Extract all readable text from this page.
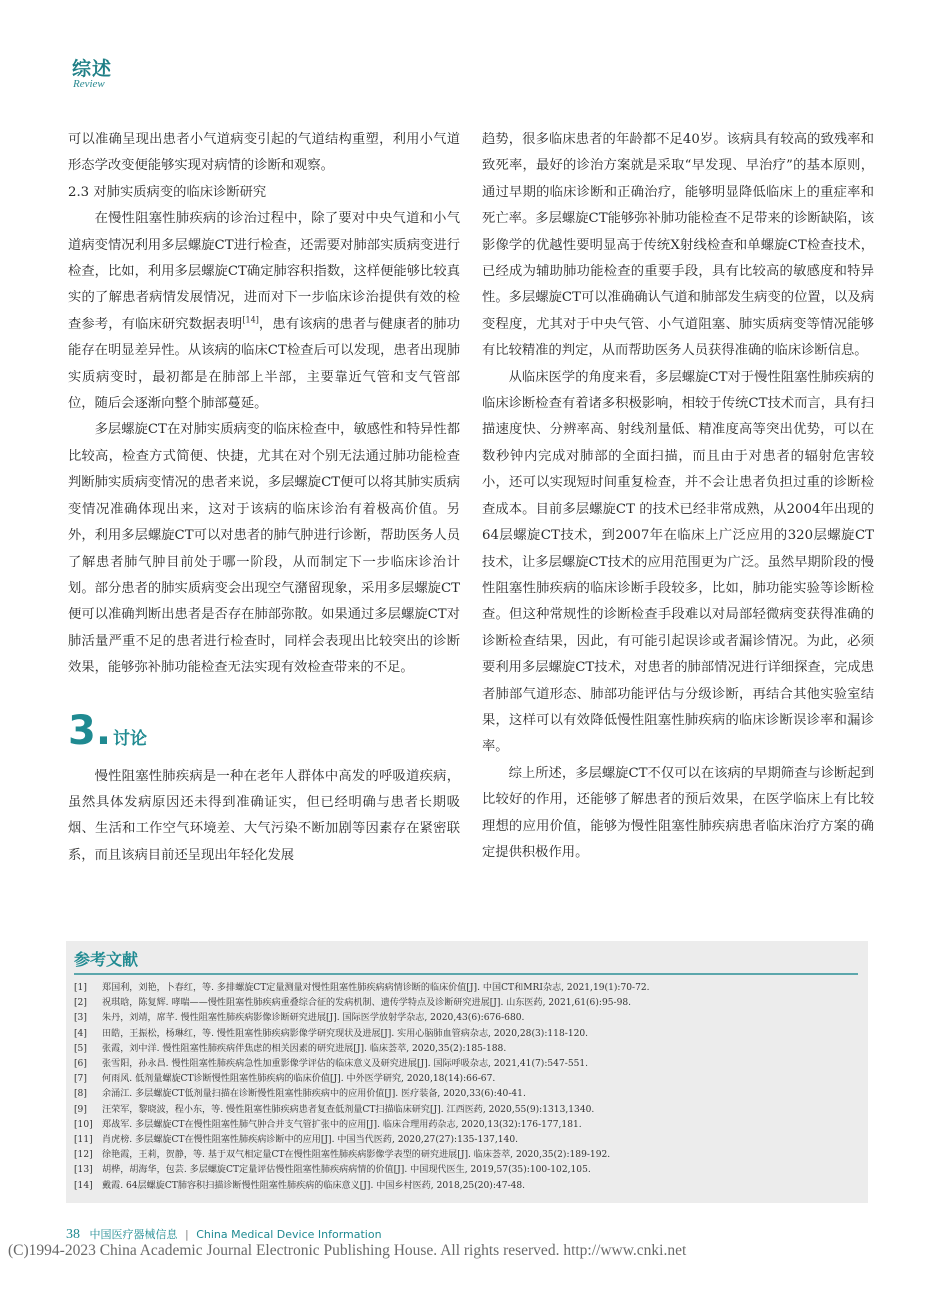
综述
Review

可以准确呈现出患者小气道病变引起的气道结构重塑，利用小气道形态学改变便能够实现对病情的诊断和观察。

2.3 对肺实质病变的临床诊断研究

在慢性阻塞性肺疾病的诊治过程中，除了要对中央气道和小气道病变情况利用多层螺旋CT进行检查，还需要对肺部实质病变进行检查，比如，利用多层螺旋CT确定肺容积指数，这样便能够比较真实的了解患者病情发展情况，进而对下一步临床诊治提供有效的检查参考，有临床研究数据表明[14]，患有该病的患者与健康者的肺功能存在明显差异性。从该病的临床CT检查后可以发现，患者出现肺实质病变时，最初都是在肺部上半部，主要靠近气管和支气管部位，随后会逐渐向整个肺部蔓延。

多层螺旋CT在对肺实质病变的临床检查中，敏感性和特异性都比较高，检查方式简便、快捷，尤其在对个别无法通过肺功能检查判断肺实质病变情况的患者来说，多层螺旋CT便可以将其肺实质病变情况准确体现出来，这对于该病的临床诊治有着极高价值。另外，利用多层螺旋CT可以对患者的肺气肿进行诊断，帮助医务人员了解患者肺气肿目前处于哪一阶段，从而制定下一步临床诊治计划。部分患者的肺实质病变会出现空气潴留现象，采用多层螺旋CT便可以准确判断出患者是否存在肺部弥散。如果通过多层螺旋CT对肺活量严重不足的患者进行检查时，同样会表现出比较突出的诊断效果，能够弥补肺功能检查无法实现有效检查带来的不足。

3. 讨论

慢性阻塞性肺疾病是一种在老年人群体中高发的呼吸道疾病，虽然具体发病原因还未得到准确证实，但已经明确与患者长期吸烟、生活和工作空气环境差、大气污染不断加剧等因素存在紧密联系，而且该病目前还呈现出年轻化发展

趋势，很多临床患者的年龄都不足40岁。该病具有较高的致残率和致死率，最好的诊治方案就是采取“早发现、早治疗”的基本原则，通过早期的临床诊断和正确治疗，能够明显降低临床上的重症率和死亡率。多层螺旋CT能够弥补肺功能检查不足带来的诊断缺陷，该影像学的优越性要明显高于传统X射线检查和单螺旋CT检查技术，已经成为辅助肺功能检查的重要手段，具有比较高的敏感度和特异性。多层螺旋CT可以准确确认气道和肺部发生病变的位置，以及病变程度，尤其对于中央气管、小气道阻塞、肺实质病变等情况能够有比较精准的判定，从而帮助医务人员获得准确的临床诊断信息。

从临床医学的角度来看，多层螺旋CT对于慢性阻塞性肺疾病的临床诊断检查有着诸多积极影响，相较于传统CT技术而言，具有扫描速度快、分辨率高、射线剂量低、精准度高等突出优势，可以在数秒钟内完成对肺部的全面扫描，而且由于对患者的辐射危害较小，还可以实现短时间重复检查，并不会让患者负担过重的诊断检查成本。目前多层螺旋CT 的技术已经非常成熟，从2004年出现的64层螺旋CT技术，到2007年在临床上广泛应用的320层螺旋CT技术，让多层螺旋CT技术的应用范围更为广泛。虽然早期阶段的慢性阻塞性肺疾病的临床诊断手段较多，比如，肺功能实验等诊断检查。但这种常规性的诊断检查手段难以对局部轻微病变获得准确的诊断检查结果，因此，有可能引起误诊或者漏诊情况。为此，必须要利用多层螺旋CT技术，对患者的肺部情况进行详细探查，完成患者肺部气道形态、肺部功能评估与分级诊断，再结合其他实验室结果，这样可以有效降低慢性阻塞性肺疾病的临床诊断误诊率和漏诊率。

综上所述，多层螺旋CT不仅可以在该病的早期筛查与诊断起到比较好的作用，还能够了解患者的预后效果，在医学临床上有比较理想的应用价值，能够为慢性阻塞性肺疾病患者临床治疗方案的确定提供积极作用。

参考文献
[1]	郑国利，刘艳，卜春红，等. 多排螺旋CT定量测量对慢性阻塞性肺疾病病情诊断的临床价值[J]. 中国CT和MRI杂志, 2021,19(1):70-72.
[2]	祝琪晗，陈复辉. 哮喘——慢性阻塞性肺疾病重叠综合征的发病机制、遗传学特点及诊断研究进展[J]. 山东医药, 2021,61(6):95-98.
[3]	朱丹，刘靖，席芊. 慢性阻塞性肺疾病影像诊断研究进展[J]. 国际医学放射学杂志, 2020,43(6):676-680.
[4]	田皓，王振松，杨琳红，等. 慢性阻塞性肺疾病影像学研究现状及进展[J]. 实用心脑肺血管病杂志, 2020,28(3):118-120.
[5]	张霞，刘中洋. 慢性阻塞性肺疾病伴焦虑的相关因素的研究进展[J]. 临床荟萃, 2020,35(2):185-188.
[6]	张雪阳，孙永昌. 慢性阻塞性肺疾病急性加重影像学评估的临床意义及研究进展[J]. 国际呼吸杂志, 2021,41(7):547-551.
[7]	何雨风. 低剂量螺旋CT诊断慢性阻塞性肺疾病的临床价值[J]. 中外医学研究, 2020,18(14):66-67.
[8]	余涌江. 多层螺旋CT低剂量扫描在诊断慢性阻塞性肺疾病中的应用价值[J]. 医疗装备, 2020,33(6):40-41.
[9]	汪荣军，黎晓波，程小东，等. 慢性阻塞性肺疾病患者复查低剂量CT扫描临床研究[J]. 江西医药, 2020,55(9):1313,1340.
[10]	郑战军. 多层螺旋CT在慢性阻塞性肺气肿合并支气管扩张中的应用[J]. 临床合理用药杂志, 2020,13(32):176-177,181.
[11]	肖虎榜. 多层螺旋CT在慢性阻塞性肺疾病诊断中的应用[J]. 中国当代医药, 2020,27(27):135-137,140.
[12]	徐艳霞，王莉，贺静，等. 基于双气相定量CT在慢性阻塞性肺疾病影像学表型的研究进展[J]. 临床荟萃, 2020,35(2):189-192.
[13]	胡桦，胡海华，包芸. 多层螺旋CT定量评估慢性阻塞性肺疾病病情的价值[J]. 中国现代医生, 2019,57(35):100-102,105.
[14]	戴霞. 64层螺旋CT肺容积扫描诊断慢性阻塞性肺疾病的临床意义[J]. 中国乡村医药, 2018,25(20):47-48.
38 中国医疗器械信息 | China Medical Device Information
(C)1994-2023 China Academic Journal Electronic Publishing House. All rights reserved. http://www.cnki.net
